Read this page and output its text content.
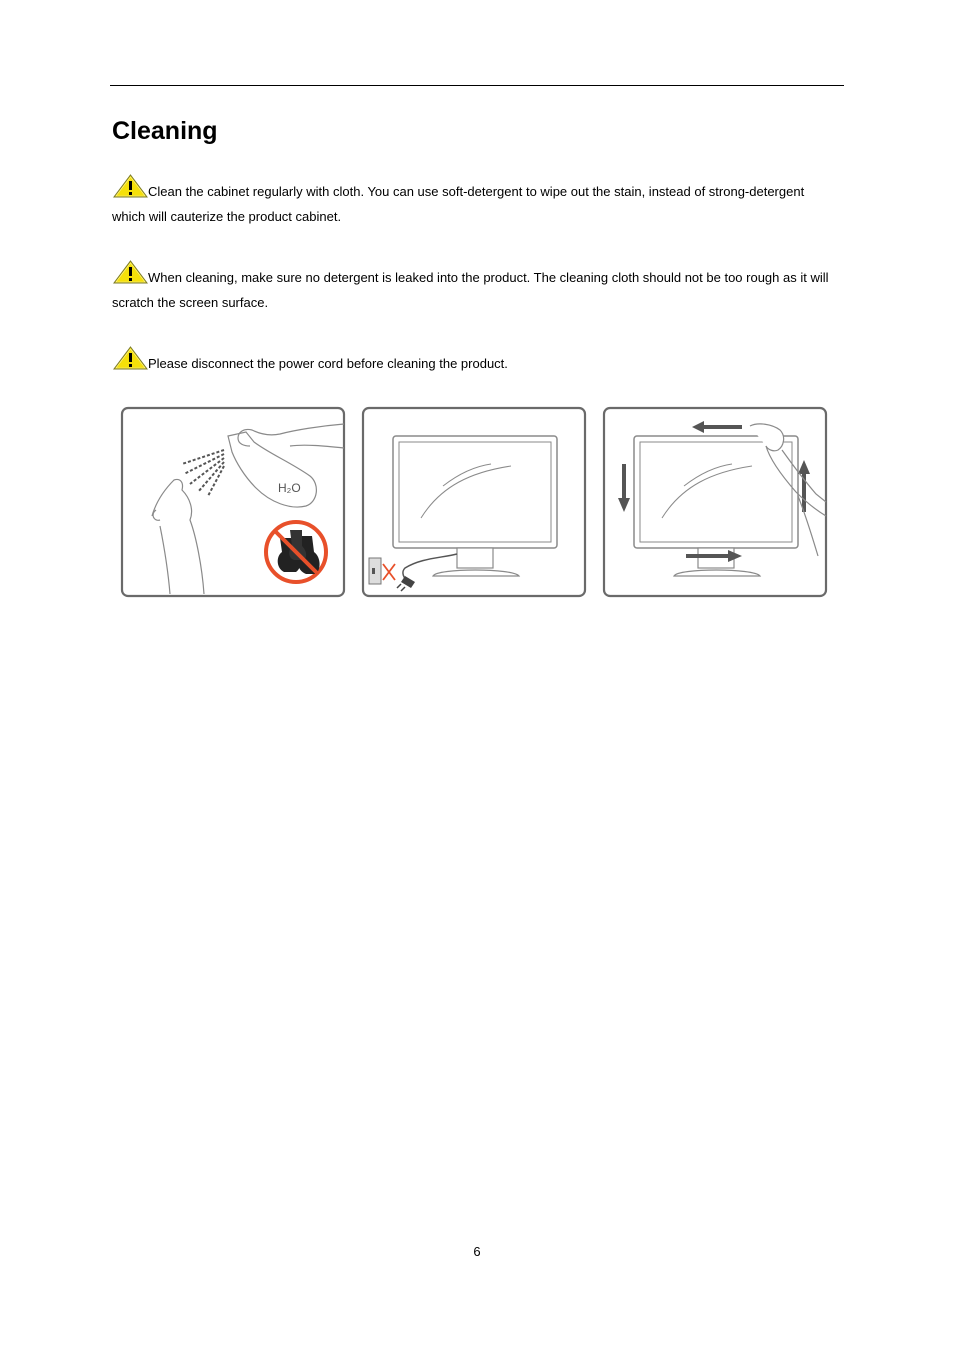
Cleaning

Clean the cabinet regularly with cloth. You can use soft-detergent to wipe out the stain, instead of strong-detergent which will cauterize the product cabinet.

When cleaning, make sure no detergent is leaked into the product. The cleaning cloth should not be too rough as it will scratch the screen surface.

Please disconnect the power cord before cleaning the product.

H₂O
6
